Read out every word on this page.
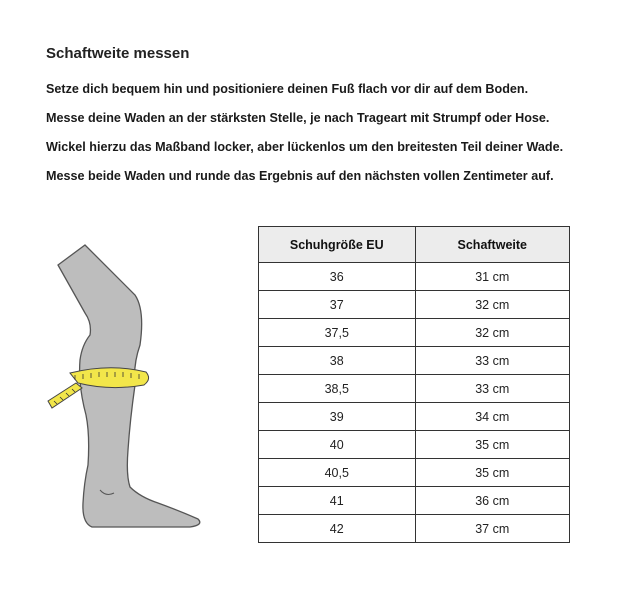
Schaftweite messen
Setze dich bequem hin und positioniere deinen Fuß flach vor dir auf dem Boden.
Messe deine Waden an der stärksten Stelle, je nach Trageart mit Strumpf oder Hose.
Wickel hierzu das Maßband locker, aber lückenlos um den breitesten Teil deiner Wade.
Messe beide Waden und runde das Ergebnis auf den nächsten vollen Zentimeter auf.
Schuhgröße EU	Schaftweite
36	31 cm
37	32 cm
37,5	32 cm
38	33 cm
38,5	33 cm
39	34 cm
40	35 cm
40,5	35 cm
41	36 cm
42	37 cm
